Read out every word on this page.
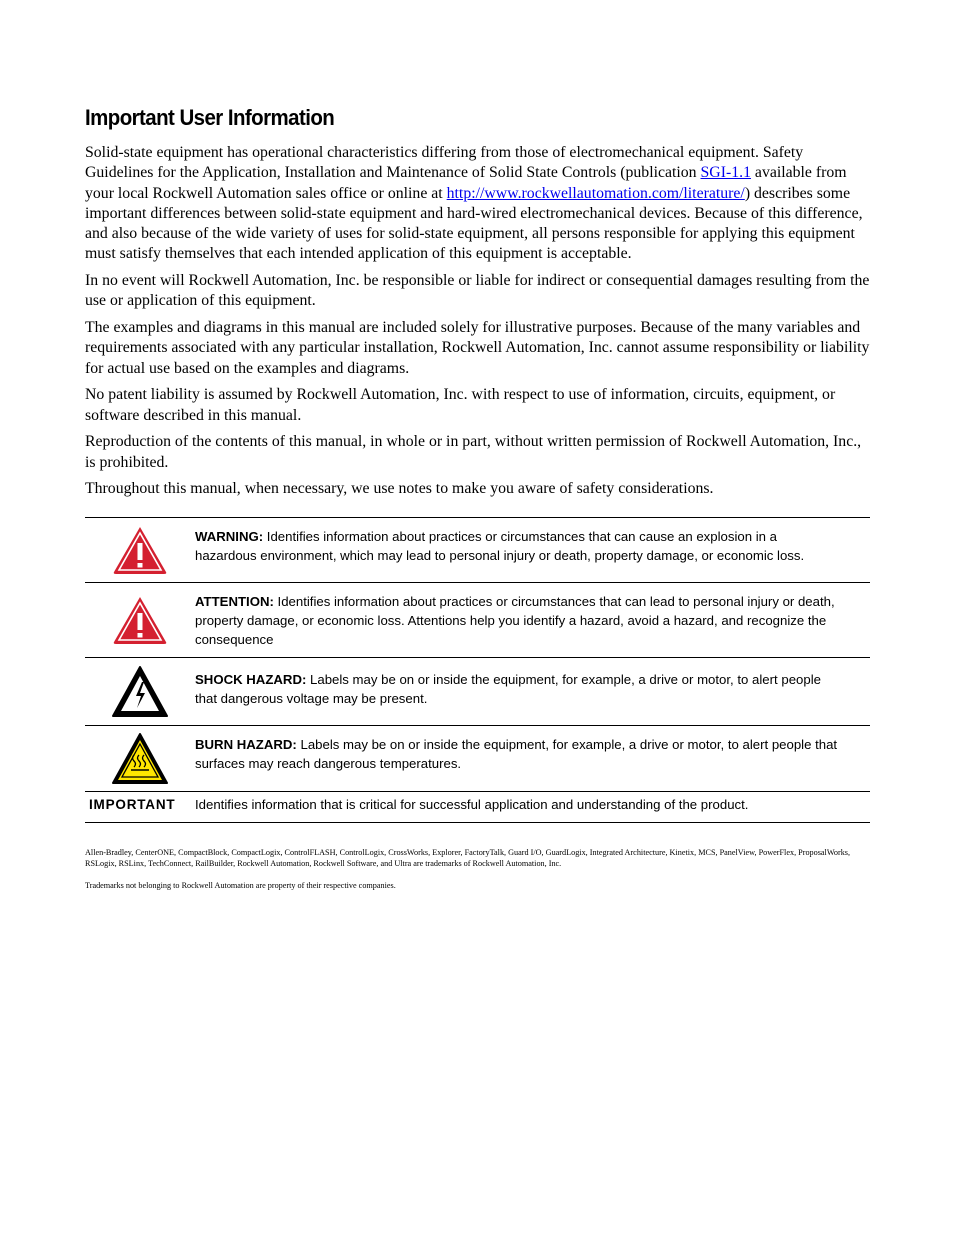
Important User Information

Solid-state equipment has operational characteristics differing from those of electromechanical equipment. Safety Guidelines for the Application, Installation and Maintenance of Solid State Controls (publication SGI-1.1 available from your local Rockwell Automation sales office or online at http://www.rockwellautomation.com/literature/) describes some important differences between solid-state equipment and hard-wired electromechanical devices. Because of this difference, and also because of the wide variety of uses for solid-state equipment, all persons responsible for applying this equipment must satisfy themselves that each intended application of this equipment is acceptable.

In no event will Rockwell Automation, Inc. be responsible or liable for indirect or consequential damages resulting from the use or application of this equipment.

The examples and diagrams in this manual are included solely for illustrative purposes. Because of the many variables and requirements associated with any particular installation, Rockwell Automation, Inc. cannot assume responsibility or liability for actual use based on the examples and diagrams.

No patent liability is assumed by Rockwell Automation, Inc. with respect to use of information, circuits, equipment, or software described in this manual.

Reproduction of the contents of this manual, in whole or in part, without written permission of Rockwell Automation, Inc., is prohibited.

Throughout this manual, when necessary, we use notes to make you aware of safety considerations.

	WARNING: Identifies information about practices or circumstances that can cause an explosion in a hazardous environment, which may lead to personal injury or death, property damage, or economic loss.

	ATTENTION: Identifies information about practices or circumstances that can lead to personal injury or death, property damage, or economic loss. Attentions help you identify a hazard, avoid a hazard, and recognize the consequence

	SHOCK HAZARD: Labels may be on or inside the equipment, for example, a drive or motor, to alert people that dangerous voltage may be present.

	BURN HAZARD: Labels may be on or inside the equipment, for example, a drive or motor, to alert people that surfaces may reach dangerous temperatures.

IMPORTANT	Identifies information that is critical for successful application and understanding of the product.
Allen-Bradley, CenterONE, CompactBlock, CompactLogix, ControlFLASH, ControlLogix, CrossWorks, Explorer, FactoryTalk, Guard I/O, GuardLogix, Integrated Architecture, Kinetix, MCS, PanelView, PowerFlex, ProposalWorks, RSLogix, RSLinx, TechConnect, RailBuilder, Rockwell Automation, Rockwell Software, and Ultra are trademarks of Rockwell Automation, Inc.
Trademarks not belonging to Rockwell Automation are property of their respective companies.
